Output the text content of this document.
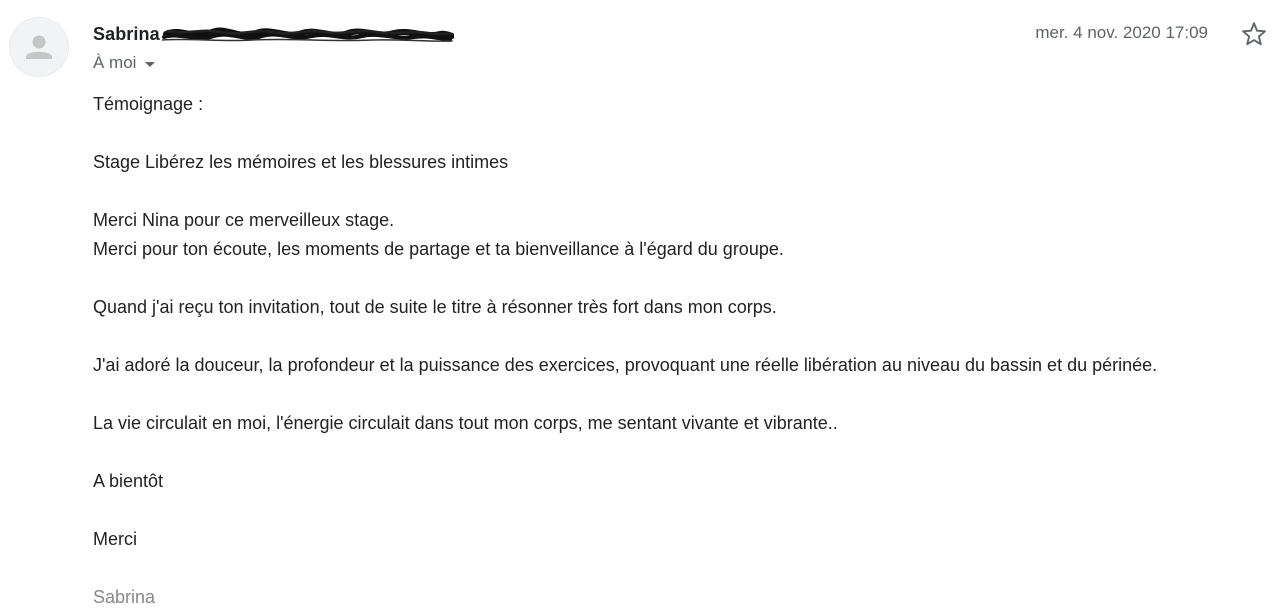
Sabrina
À moi
mer. 4 nov. 2020 17:09

Témoignage :

Stage Libérez les mémoires et les blessures intimes

Merci Nina pour ce merveilleux stage.

Merci pour ton écoute, les moments de partage et ta bienveillance à l'égard du groupe.

Quand j'ai reçu ton invitation, tout de suite le titre à résonner très fort dans mon corps.

J'ai adoré la douceur, la profondeur et la puissance des exercices, provoquant une réelle libération au niveau du bassin et du périnée.

La vie circulait en moi, l'énergie circulait dans tout mon corps, me sentant vivante et vibrante..

A bientôt

Merci

Sabrina
